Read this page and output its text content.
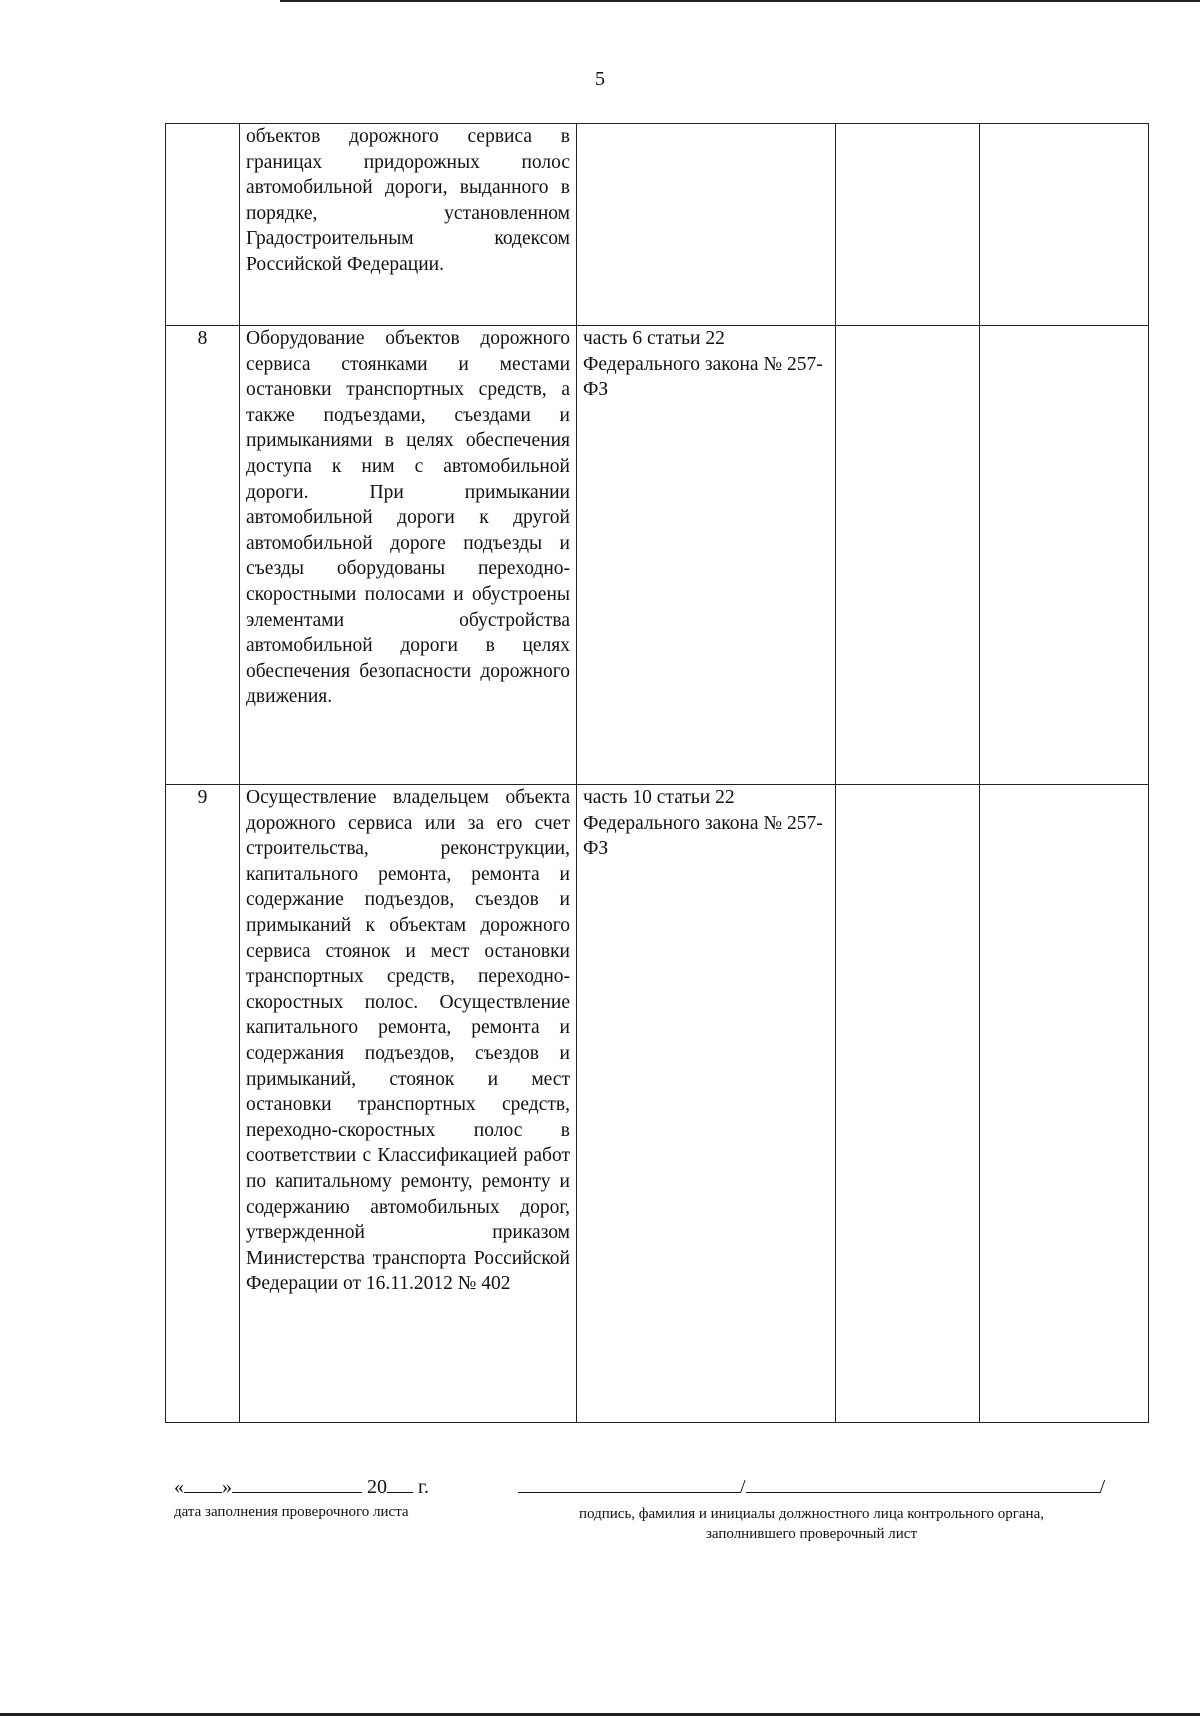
5
	объектов дорожного сервиса в границах придорожных полос автомобильной дороги, выданного в порядке, установленном Градостроительным кодексом Российской Федерации.			
8	Оборудование объектов дорожного сервиса стоянками и местами остановки транспортных средств, а также подъездами, съездами и примыканиями в целях обеспечения доступа к ним с автомобильной дороги. При примыкании автомобильной дороги к другой автомобильной дороге подъезды и съезды оборудованы переходно-скоростными полосами и обустроены элементами обустройства автомобильной дороги в целях обеспечения безопасности дорожного движения.	часть 6 статьи 22 Федерального закона № 257-ФЗ		
9	Осуществление владельцем объекта дорожного сервиса или за его счет строительства, реконструкции, капитального ремонта, ремонта и содержание подъездов, съездов и примыканий к объектам дорожного сервиса стоянок и мест остановки транспортных средств, переходно-скоростных полос. Осуществление капитального ремонта, ремонта и содержания подъездов, съездов и примыканий, стоянок и мест остановки транспортных средств, переходно-скоростных полос в соответствии с Классификацией работ по капитальному ремонту, ремонту и содержанию автомобильных дорог, утвержденной приказом Министерства транспорта Российской Федерации от 16.11.2012 № 402	часть 10 статьи 22 Федерального закона № 257-ФЗ		
« »	20 г.
дата заполнения проверочного листа
/	/
подпись, фамилия и инициалы должностного лица контрольного органа,
заполнившего проверочный лист
